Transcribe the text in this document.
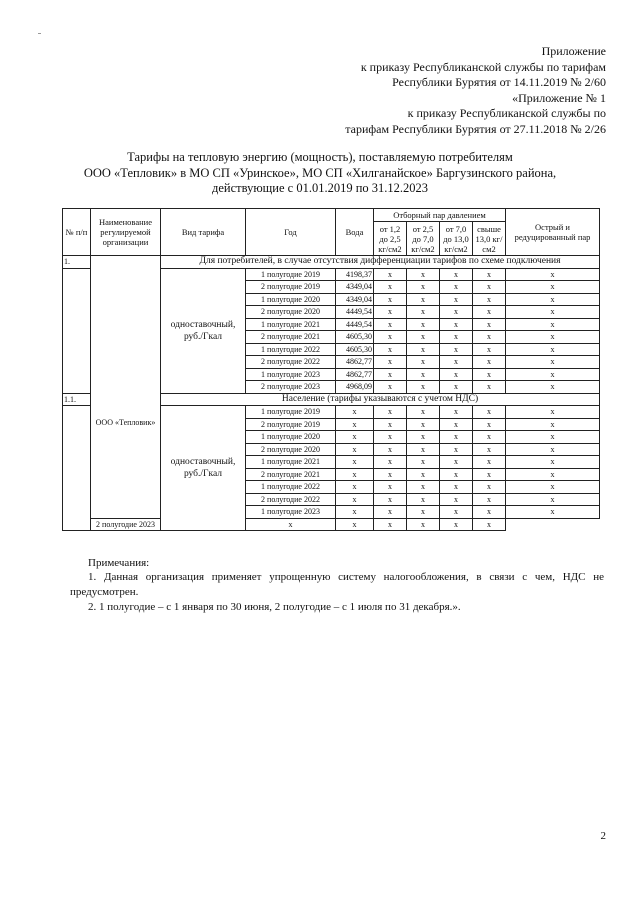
Приложение
к приказу Республиканской службы по тарифам
Республики Бурятия от 14.11.2019 № 2/60
«Приложение № 1
к приказу Республиканской службы по
тарифам Республики Бурятия от 27.11.2018 № 2/26
Тарифы на тепловую энергию (мощность), поставляемую потребителям
ООО «Тепловик» в МО СП «Уринское», МО СП «Хилганайское» Баргузинского района,
действующие с 01.01.2019 по 31.12.2023
№ п/п	Наименование регулируемой организации	Вид тарифа	Год	Вода	Отборный пар давлением				Острый и редуцированный пар
					от 1,2 до 2,5 кг/см2	от 2,5 до 7,0 кг/см2	от 7,0 до 13,0 кг/см2	свыше 13,0 кг/см2	
1.	ООО «Тепловик»	Для потребителей, в случае отсутствия дифференциации тарифов по схеме подключения							
		одноставочный, руб./Гкал	1 полугодие 2019	4198,37	х	х	х	х	х
			2 полугодие 2019	4349,04	х	х	х	х	х
			1 полугодие 2020	4349,04	х	х	х	х	х
			2 полугодие 2020	4449,54	х	х	х	х	х
			1 полугодие 2021	4449,54	х	х	х	х	х
			2 полугодие 2021	4605,30	х	х	х	х	х
			1 полугодие 2022	4605,30	х	х	х	х	х
			2 полугодие 2022	4862,77	х	х	х	х	х
			1 полугодие 2023	4862,77	х	х	х	х	х
			2 полугодие 2023	4968,09	х	х	х	х	х
1.1.		Население (тарифы указываются с учетом НДС)							
		одноставочный, руб./Гкал	1 полугодие 2019	х	х	х	х	х	х
			2 полугодие 2019	х	х	х	х	х	х
			1 полугодие 2020	х	х	х	х	х	х
			2 полугодие 2020	х	х	х	х	х	х
			1 полугодие 2021	х	х	х	х	х	х
			2 полугодие 2021	х	х	х	х	х	х
			1 полугодие 2022	х	х	х	х	х	х
			2 полугодие 2022	х	х	х	х	х	х
			1 полугодие 2023	х	х	х	х	х	х
	2 полугодие 2023		х	х	х	х	х	х	
Примечания:
1. Данная организация применяет упрощенную систему налогообложения, в связи с чем, НДС не предусмотрен.
2. 1 полугодие – с 1 января по 30 июня, 2 полугодие – с 1 июля по 31 декабря.».
2
